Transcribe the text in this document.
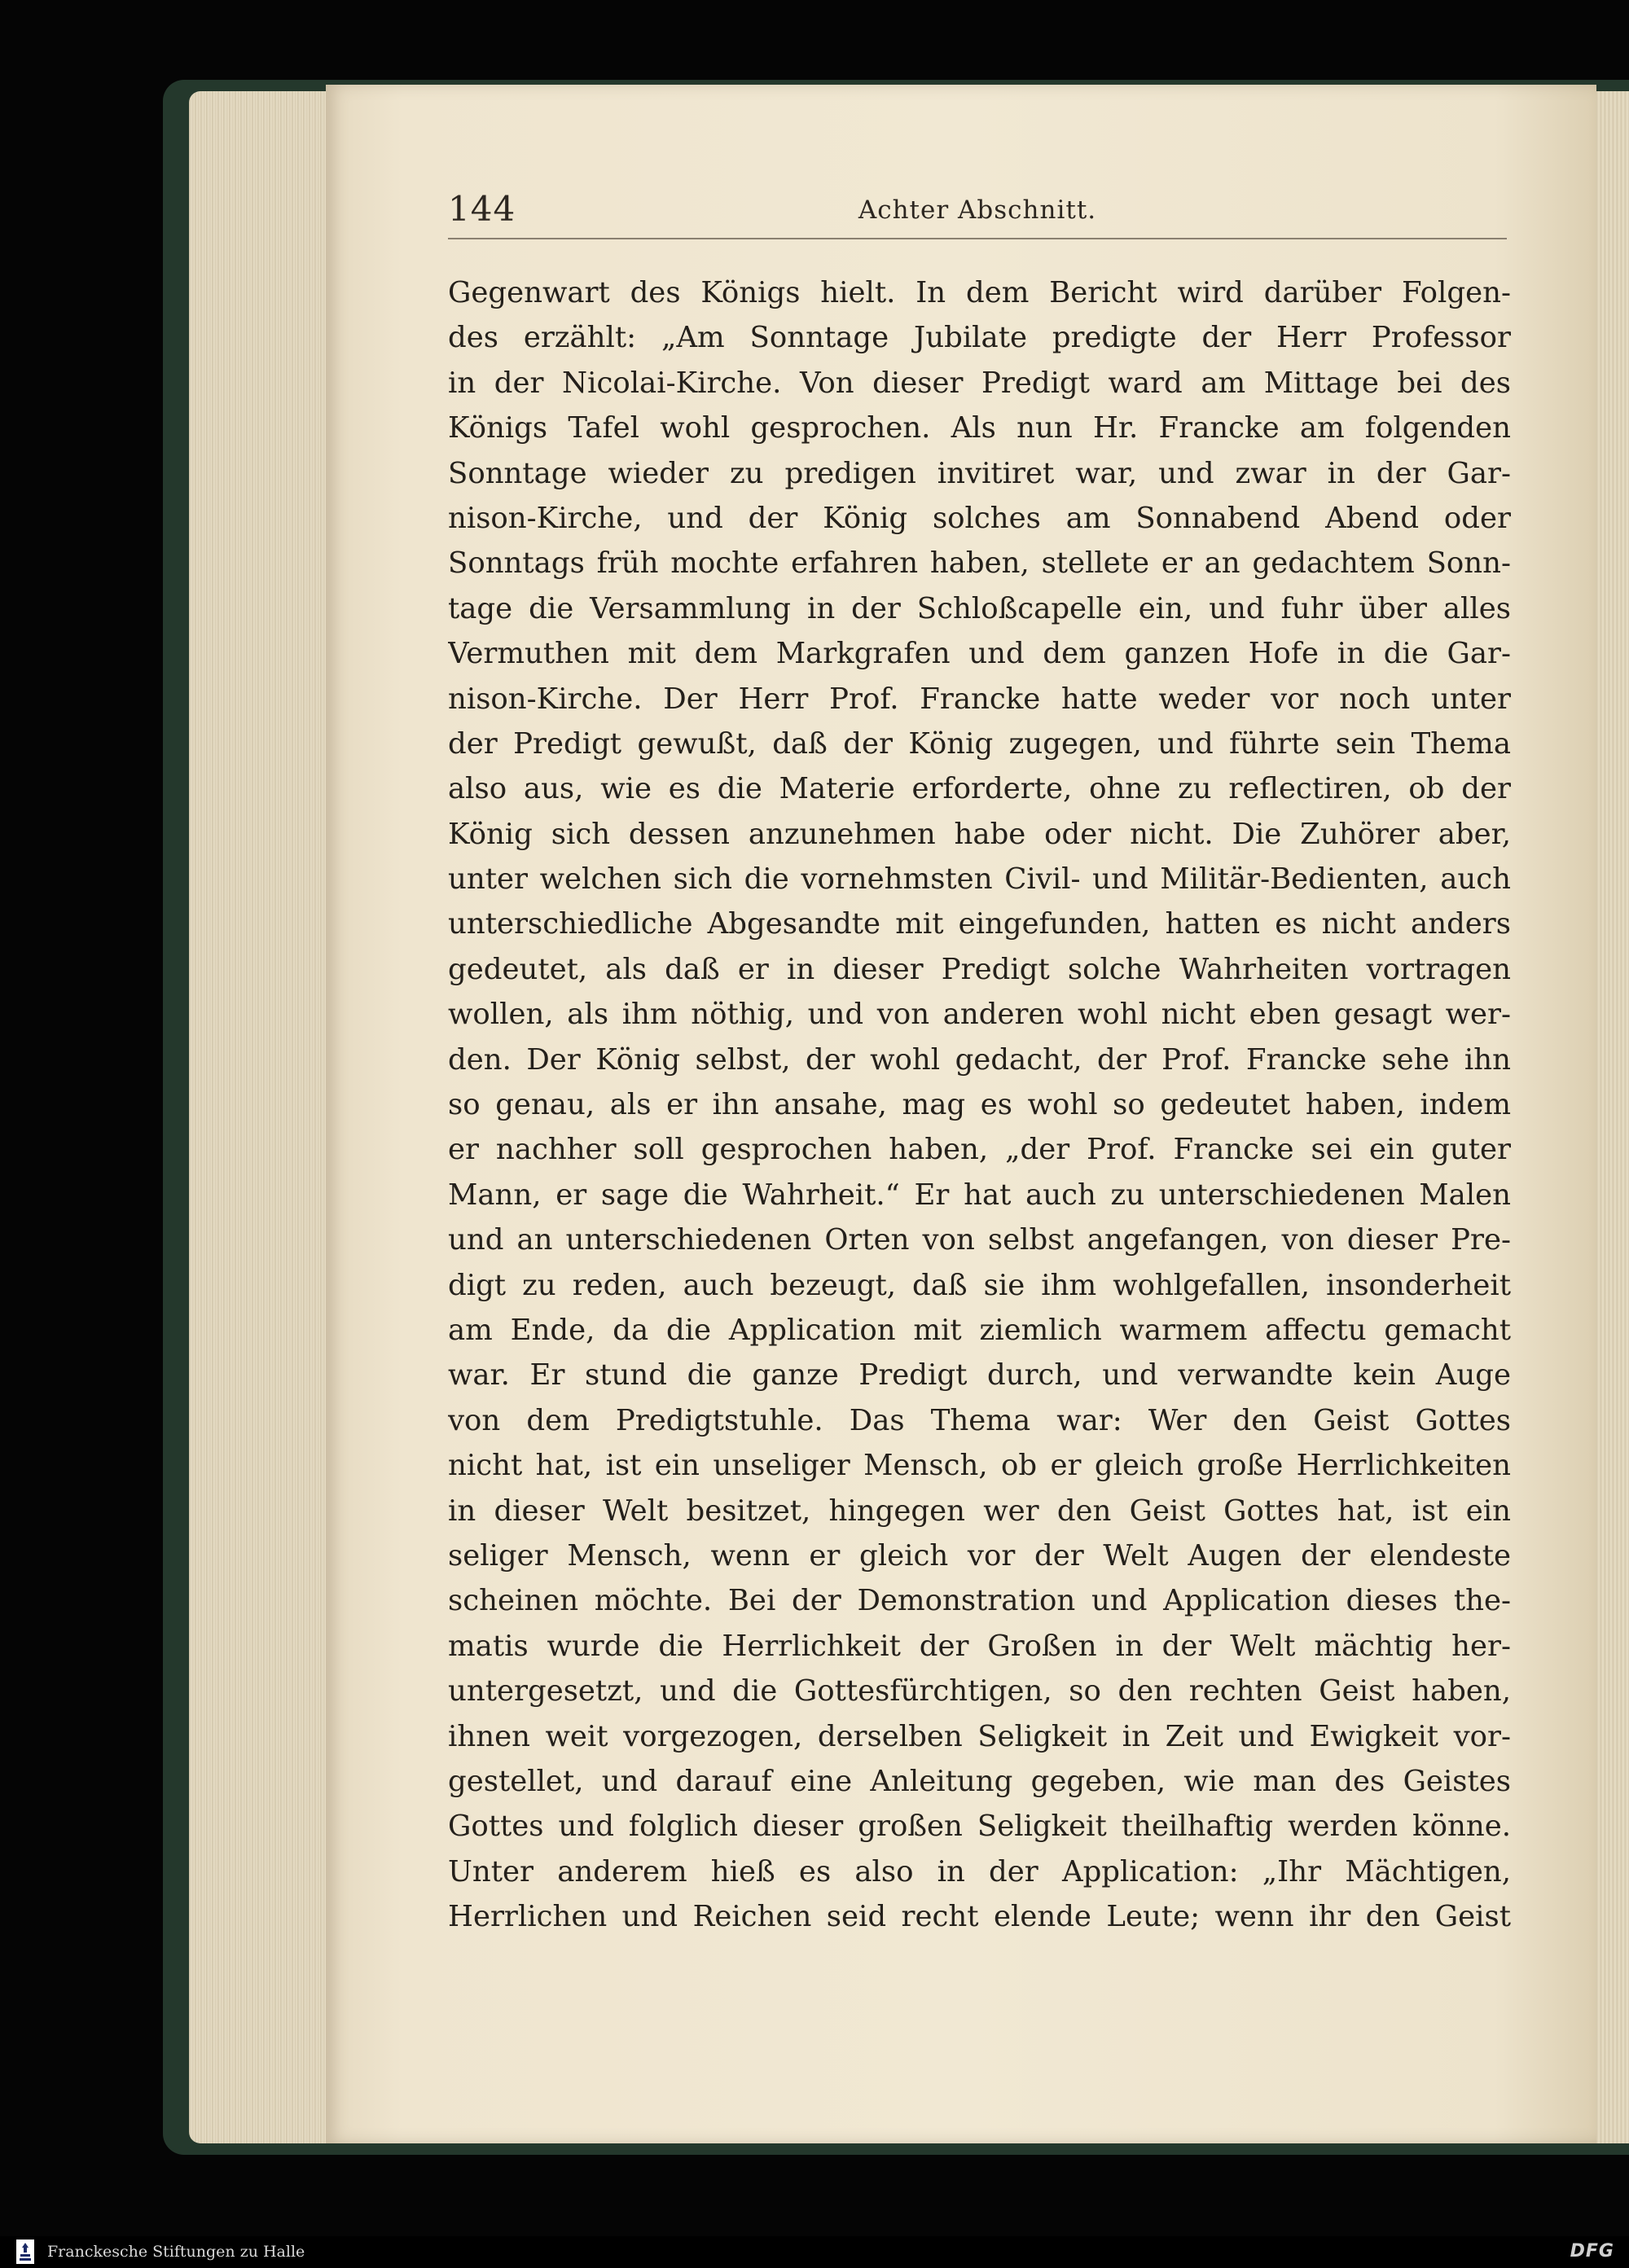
144	Achter Abschnitt.
Gegenwart des Königs hielt. In dem Bericht wird darüber Folgen-
des erzählt: „Am Sonntage Jubilate predigte der Herr Professor
in der Nicolai-Kirche. Von dieser Predigt ward am Mittage bei des
Königs Tafel wohl gesprochen. Als nun Hr. Francke am folgenden
Sonntage wieder zu predigen invitiret war, und zwar in der Gar-
nison-Kirche, und der König solches am Sonnabend Abend oder
Sonntags früh mochte erfahren haben, stellete er an gedachtem Sonn-
tage die Versammlung in der Schloßcapelle ein, und fuhr über alles
Vermuthen mit dem Markgrafen und dem ganzen Hofe in die Gar-
nison-Kirche. Der Herr Prof. Francke hatte weder vor noch unter
der Predigt gewußt, daß der König zugegen, und führte sein Thema
also aus, wie es die Materie erforderte, ohne zu reflectiren, ob der
König sich dessen anzunehmen habe oder nicht. Die Zuhörer aber,
unter welchen sich die vornehmsten Civil- und Militär-Bedienten, auch
unterschiedliche Abgesandte mit eingefunden, hatten es nicht anders
gedeutet, als daß er in dieser Predigt solche Wahrheiten vortragen
wollen, als ihm nöthig, und von anderen wohl nicht eben gesagt wer-
den. Der König selbst, der wohl gedacht, der Prof. Francke sehe ihn
so genau, als er ihn ansahe, mag es wohl so gedeutet haben, indem
er nachher soll gesprochen haben, „der Prof. Francke sei ein guter
Mann, er sage die Wahrheit.“ Er hat auch zu unterschiedenen Malen
und an unterschiedenen Orten von selbst angefangen, von dieser Pre-
digt zu reden, auch bezeugt, daß sie ihm wohlgefallen, insonderheit
am Ende, da die Application mit ziemlich warmem affectu gemacht
war. Er stund die ganze Predigt durch, und verwandte kein Auge
von dem Predigtstuhle. Das Thema war: Wer den Geist Gottes
nicht hat, ist ein unseliger Mensch, ob er gleich große Herrlichkeiten
in dieser Welt besitzet, hingegen wer den Geist Gottes hat, ist ein
seliger Mensch, wenn er gleich vor der Welt Augen der elendeste
scheinen möchte. Bei der Demonstration und Application dieses the-
matis wurde die Herrlichkeit der Großen in der Welt mächtig her-
untergesetzt, und die Gottesfürchtigen, so den rechten Geist haben,
ihnen weit vorgezogen, derselben Seligkeit in Zeit und Ewigkeit vor-
gestellet, und darauf eine Anleitung gegeben, wie man des Geistes
Gottes und folglich dieser großen Seligkeit theilhaftig werden könne.
Unter anderem hieß es also in der Application: „Ihr Mächtigen,
Herrlichen und Reichen seid recht elende Leute; wenn ihr den Geist
Franckesche Stiftungen zu Halle	DFG
